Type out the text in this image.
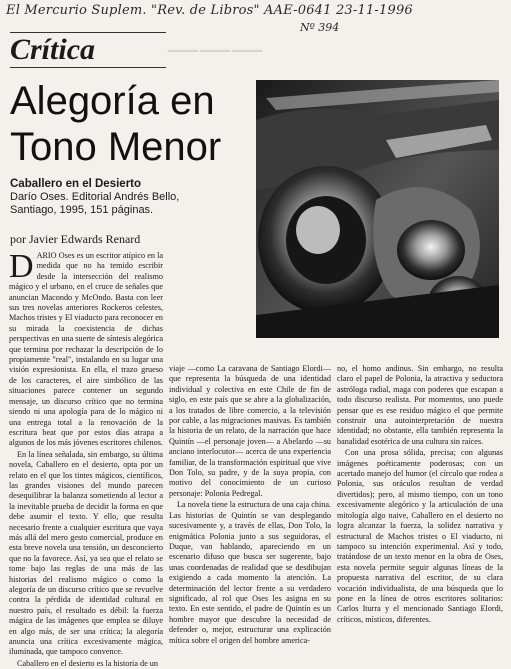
El Mercurio Suplem. "Rev. de Libros" AAE-0641 23-11-1996
Nº 394
Crítica	———
Alegoría en Tono Menor
Caballero en el Desierto
Darío Oses. Editorial Andrés Bello,
Santiago, 1995, 151 páginas.
por Javier Edwards Renard

DARIO Oses es un escritor atípico en la medida que no ha temido escribir desde la intersección del realismo mágico y el urbano, en el cruce de señales que anuncian Macondo y McOndo. Basta con leer sus tres novelas anteriores Rockeros celestes, Machos tristes y El viaducto para reconocer en su mirada la coexistencia de dichas perspectivas en una suerte de síntesis alegórica que termina por rechazar la descripción de lo propiamente "real", instalando en su lugar una visión expresionista. En ella, el trazo grueso de los caracteres, el aire simbólico de las situaciones parece contener un segundo mensaje, un discurso crítico que no termina siendo ni una apología para de lo mágico ni una entrega total a la renovación de la escritura beat que por estos días atrapa a algunos de los más jóvenes escritores chilenos.

En la línea señalada, sin embargo, su última novela, Caballero en el desierto, opta por un relato en el que los tintes mágicos, científicos, las grandes visiones del mundo parecen desequilibrar la balanza sometiendo al lector a la inevitable prueba de decidir la forma en que debe asumir el texto. Y ello, que resulta necesario frente a cualquier escritura que vaya más allá del mero gesto comercial, produce en esta breve novela una tensión, un desconcierto que no la favorece. Así, ya sea que el relato se tome bajo las reglas de una más de las historias del realismo mágico o como la alegoría de un discurso crítico que se revuelve contra la pérdida de identidad cultural en nuestro país, el resultado es débil: la fuerza mágica de las imágenes que emplea se diluye en algo más, de ser una crítica; la alegoría anuncia una crítica excesivamente mágica, iluminada, que tampoco convence.

Caballero en el desierto es la historia de un

viaje —como La caravana de Santiago Elordi— que representa la búsqueda de una identidad individual y colectiva en este Chile de fin de siglo, en este país que se abre a la globalización, a los tratados de libre comercio, a la televisión por cable, a las migraciones masivas. Es también la historia de un relato, de la narración que hace Quintín —el personaje joven— a Abelardo —su anciano interlocutor— acerca de una experiencia familiar, de la transformación espiritual que vive Don Tolo, su padre, y de la suya propia, con motivo del conocimiento de un curioso personaje: Polonia Pedregal.

La novela tiene la estructura de una caja china. Las historias de Quintín se van desplegando sucesivamente y, a través de ellas, Don Tolo, la enigmática Polonia junto a sus seguidoras, el Duque, van hablando, apareciendo en un escenario difuso que busca ser sugerente, bajo unas coordenadas de realidad que se desdibujan exigiendo a cada momento la atención. La determinación del lector frente a su verdadero significado, al rol que Oses les asigna en su texto. En este sentido, el padre de Quintín es un hombre mayor que descubre la necesidad de defender o, mejor, estructurar una explicación mítica sobre el origen del hombre america-

no, el homo andinus. Sin embargo, no resulta claro el papel de Polonia, la atractiva y seductora astróloga radial, maga con poderes que escapan a todo discurso realista. Por momentos, uno puede pensar que es ese residuo mágico el que permite construir una autointerpretación de nuestra identidad; no obstante, ella también representa la banalidad esotérica de una cultura sin raíces.

Con una prosa sólida, precisa; con algunas imágenes poéticamente poderosas; con un acertado manejo del humor (el círculo que rodea a Polonia, sus oráculos resultan de verdad divertidos); pero, al mismo tiempo, con un tono excesivamente alegórico y la articulación de una mitología algo naive, Caballero en el desierto no logra alcanzar la fuerza, la solidez narrativa y estructural de Machos tristes o El viaducto, ni tampoco su intención experimental. Así y todo, tratándose de un texto menor en la obra de Oses, esta novela permite seguir algunas líneas de la propuesta narrativa del escritor, de su clara vocación individualista, de una búsqueda que lo pone en la línea de otros escritores solitarios: Carlos Iturra y el mencionado Santiago Elordi, críticos, místicos, diferentes.
